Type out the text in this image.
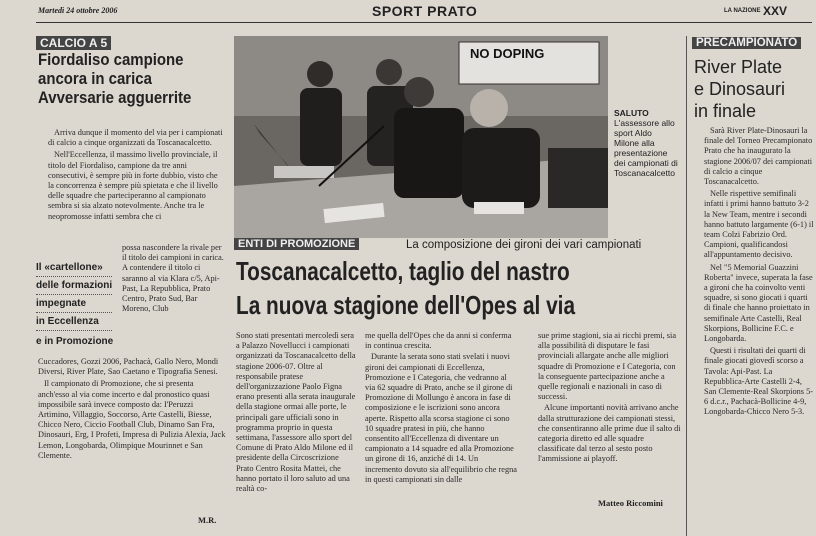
Martedì 24 ottobre 2006	SPORT PRATO	LA NAZIONE XXV
CALCIO A 5
Fiordaliso campione
ancora in carica
Avversarie agguerrite

Arriva dunque il momento del via per i campionati di calcio a cinque organizzati da Toscanacalcetto.

Nell'Eccellenza, il massimo livello provinciale, il titolo del Fiordaliso, campione da tre anni consecutivi, è sempre più in forte dubbio, visto che la concorrenza è sempre più spietata e che il livello delle squadre che parteciperanno al campionato sembra si sia alzato notevolmente. Anche tra le neopromosse infatti sembra che ci

Il «cartellone»
delle formazioni
impegnate
in Eccellenza
e in Promozione

possa nascondere la rivale per il titolo dei campioni in carica. A contendere il titolo ci saranno al via Klara c/5, Api-Past, La Repubblica, Prato Centro, Prato Sud, Bar Moreno, Club

Cuccadores, Gozzi 2006, Pachacà, Gallo Nero, Mondi Diversi, River Plate, Sao Caetano e Tipografia Senesi.

Il campionato di Promozione, che si presenta anch'esso al via come incerto e dal pronostico quasi impossibile sarà invece composto da: I'Peruzzi Artimino, Villaggio, Soccorso, Arte Castelli, Biesse, Chicco Nero, Ciccio Football Club, Dinamo San Fra, Dinosauri, Erg, I Profeti, Impresa di Pulizia Alexia, Jack Lemon, Longobarda, Olimpique Mourinnet e San Clemente.

M.R.
NO DOPING
SALUTO
L'assessore allo sport Aldo Milone alla presentazione dei campionati di Toscanacalcetto
ENTI DI PROMOZIONE	La composizione dei gironi dei vari campionati
Toscanacalcetto, taglio del nastro
La nuova stagione dell'Opes al via

Sono stati presentati mercoledì sera a Palazzo Novellucci i campionati organizzati da Toscanacalcetto della stagione 2006-07. Oltre al responsabile pratese dell'organizzazione Paolo Figna erano presenti alla serata inaugurale della stagione ormai alle porte, le principali gare ufficiali sono in programma proprio in questa settimana, l'assessore allo sport del Comune di Prato Aldo Milone ed il presidente della Circoscrizione Prato Centro Rosita Mattei, che hanno portato il loro saluto ad una realtà co-

me quella dell'Opes che da anni si conferma in continua crescita.

Durante la serata sono stati svelati i nuovi gironi dei campionati di Eccellenza, Promozione e I Categoria, che vedranno al via 62 squadre di Prato, anche se il girone di Promozione di Mollungo è ancora in fase di composizione e le iscrizioni sono ancora aperte. Rispetto alla scorsa stagione ci sono 10 squadre pratesi in più, che hanno consentito all'Eccellenza di diventare un campionato a 14 squadre ed alla Promozione un girone di 16, anziché di 14. Un incremento dovuto sia all'equilibrio che regna in questi campionati sin dalle

sue prime stagioni, sia ai ricchi premi, sia alla possibilità di disputare le fasi provinciali allargate anche alle migliori squadre di Promozione e I Categoria, con la conseguente partecipazione anche a quelle regionali e nazionali in caso di successi.

Alcune importanti novità arrivano anche dalla strutturazione dei campionati stessi, che consentiranno alle prime due il salto di categoria diretto ed alle squadre classificate dal terzo al sesto posto l'ammissione ai playoff.

Matteo Riccomini
PRECAMPIONATO
River Plate
e Dinosauri
in finale

Sarà River Plate-Dinosauri la finale del Torneo Precampionato Prato che ha inaugurato la stagione 2006/07 dei campionati di calcio a cinque Toscanacalcetto.

Nelle rispettive semifinali infatti i primi hanno battuto 3-2 la New Team, mentre i secondi hanno battuto largamente (6-1) il team Colzi Fabrizio Ord. Campioni, qualificandosi all'appuntamento decisivo.

Nel "5 Memorial Guazzini Roberta" invece, superata la fase a gironi che ha coinvolto venti squadre, si sono giocati i quarti di finale che hanno proiettato in semifinale Arte Castelli, Real Skorpions, Bollicine F.C. e Longobarda.

Questi i risultati dei quarti di finale giocati giovedì scorso a Tavola: Api-Past. La Repubblica-Arte Castelli 2-4, San Clemente-Real Skorpions 5-6 d.c.r., Pachacà-Bollicine 4-9, Longobarda-Chicco Nero 5-3.
